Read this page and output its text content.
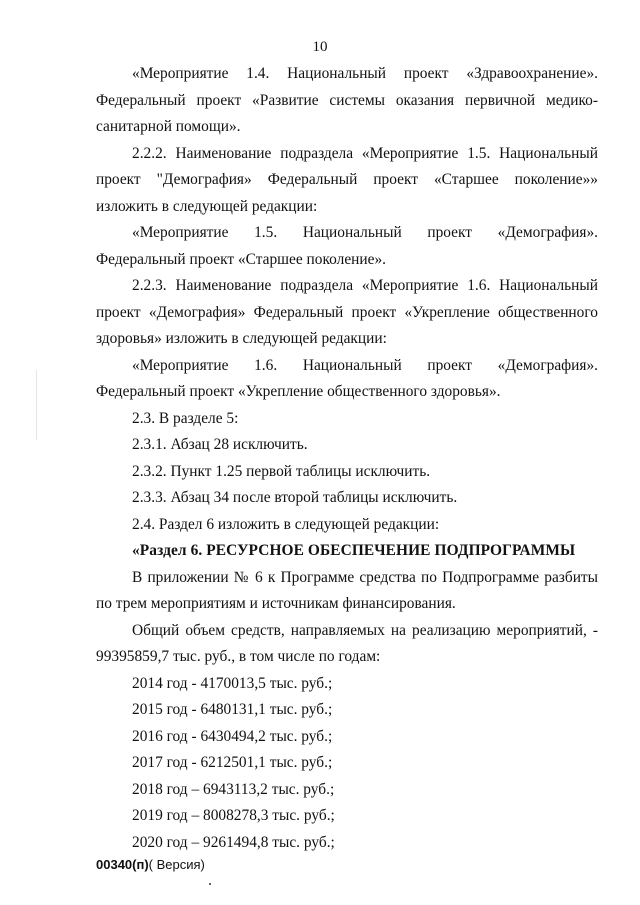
10

«Мероприятие 1.4. Национальный проект «Здравоохранение». Федеральный проект «Развитие системы оказания первичной медико-санитарной помощи».

2.2.2. Наименование подраздела «Мероприятие 1.5. Национальный проект "Демография» Федеральный проект «Старшее поколение»» изложить в следующей редакции:

«Мероприятие 1.5. Национальный проект «Демография». Федеральный проект «Старшее поколение».

2.2.3. Наименование подраздела «Мероприятие 1.6. Национальный проект «Демография» Федеральный проект «Укрепление общественного здоровья» изложить в следующей редакции:

«Мероприятие 1.6. Национальный проект «Демография». Федеральный проект «Укрепление общественного здоровья».

2.3. В разделе 5:

2.3.1. Абзац 28 исключить.

2.3.2. Пункт 1.25 первой таблицы исключить.

2.3.3. Абзац 34 после второй таблицы исключить.

2.4. Раздел 6 изложить в следующей редакции:

«Раздел 6. РЕСУРСНОЕ ОБЕСПЕЧЕНИЕ ПОДПРОГРАММЫ

В приложении № 6 к Программе средства по Подпрограмме разбиты по трем мероприятиям и источникам финансирования.

Общий объем средств, направляемых на реализацию мероприятий, - 99395859,7 тыс. руб., в том числе по годам:

2014 год - 4170013,5 тыс. руб.;

2015 год - 6480131,1 тыс. руб.;

2016 год - 6430494,2 тыс. руб.;

2017 год - 6212501,1 тыс. руб.;

2018 год – 6943113,2 тыс. руб.;

2019 год – 8008278,3 тыс. руб.;

2020 год – 9261494,8 тыс. руб.;

00340(п)( Версия)
